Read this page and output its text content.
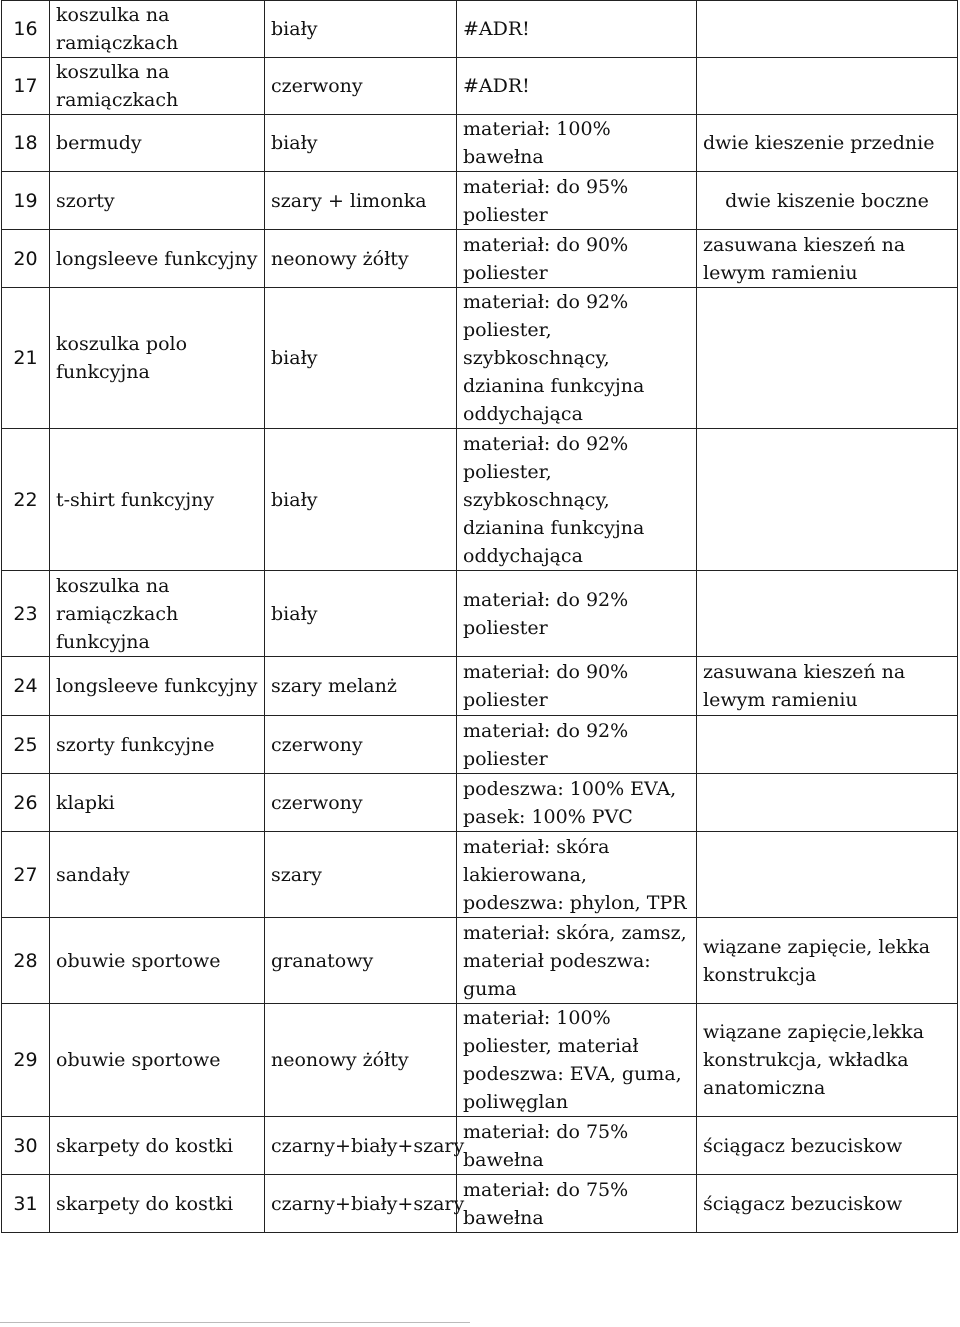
16	koszulka na ramiączkach	biały	#ADR!	
17	koszulka na ramiączkach	czerwony	#ADR!	
18	bermudy	biały	materiał: 100% bawełna	dwie kieszenie przednie
19	szorty	szary + limonka	materiał: do 95% poliester	dwie kiszenie boczne
20	longsleeve funkcyjny	neonowy żółty	materiał: do 90% poliester	zasuwana kieszeń na lewym ramieniu
21	koszulka polo funkcyjna	biały	materiał: do 92% poliester, szybkoschnący, dzianina funkcyjna oddychająca	
22	t-shirt funkcyjny	biały	materiał: do 92% poliester, szybkoschnący, dzianina funkcyjna oddychająca	
23	koszulka na ramiączkach funkcyjna	biały	materiał: do 92% poliester	
24	longsleeve funkcyjny	szary melanż	materiał: do 90% poliester	zasuwana kieszeń na lewym ramieniu
25	szorty funkcyjne	czerwony	materiał: do 92% poliester	
26	klapki	czerwony	podeszwa: 100% EVA, pasek: 100% PVC	
27	sandały	szary	materiał: skóra lakierowana, podeszwa: phylon, TPR	
28	obuwie sportowe	granatowy	materiał: skóra, zamsz, materiał podeszwa: guma	wiązane zapięcie, lekka konstrukcja
29	obuwie sportowe	neonowy żółty	materiał: 100% poliester, materiał podeszwa: EVA, guma, poliwęglan	wiązane zapięcie,lekka konstrukcja, wkładka anatomiczna
30	skarpety do kostki	czarny+biały+szary	materiał: do 75% bawełna	ściągacz bezuciskow
31	skarpety do kostki	czarny+biały+szary	materiał: do 75% bawełna	ściągacz bezuciskow
